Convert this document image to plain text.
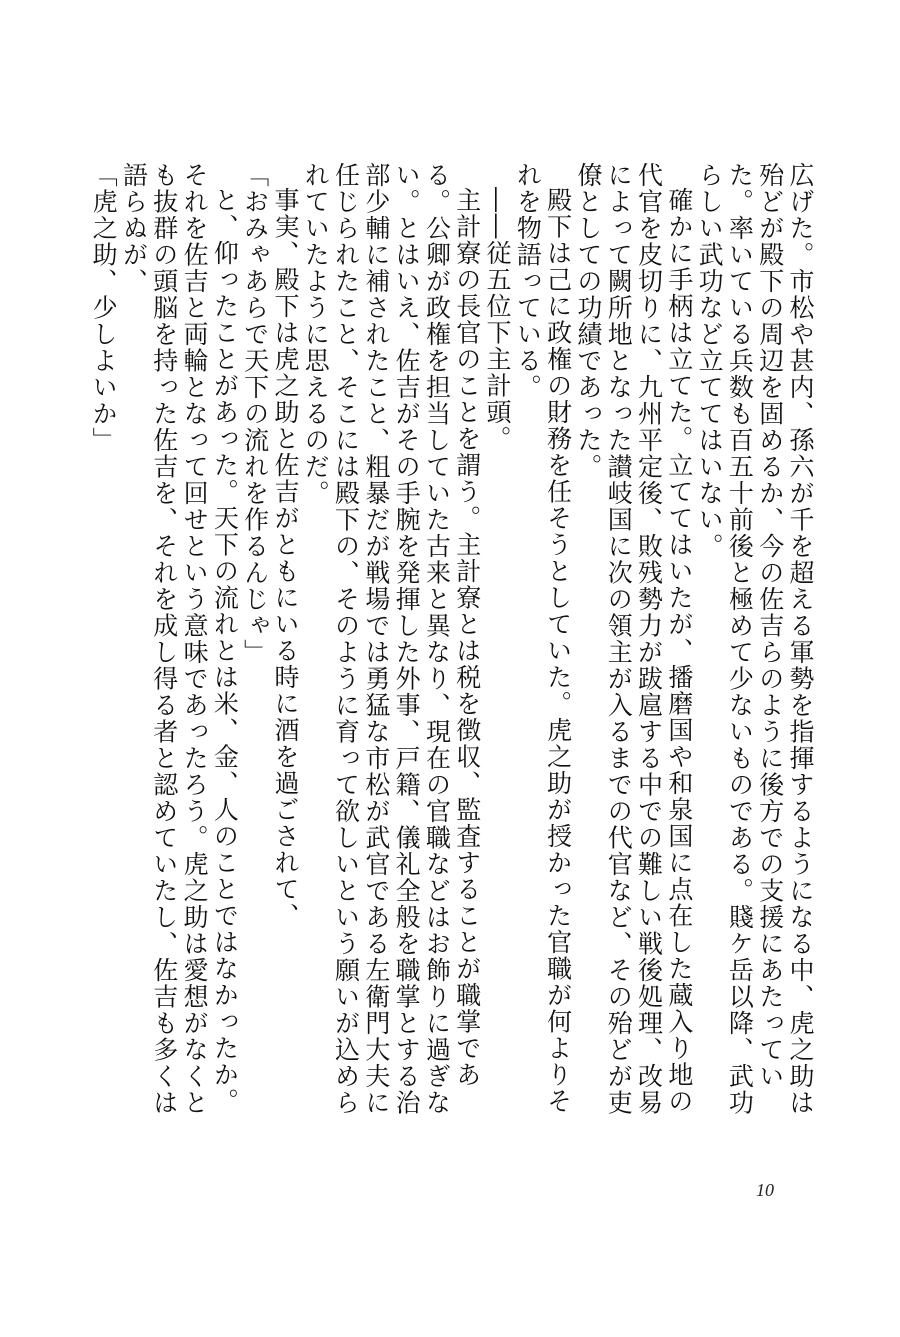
広げた。市松や甚内、孫六が千を超える軍勢を指揮するようになる中、虎之助は殆どが殿下の周辺を固めるか、今の佐吉らのように後方での支援にあたっていた。率いている兵数も百五十前後と極めて少ないものである。賤ケ岳以降、武功らしい武功など立ててはいない。

確かに手柄は立てた。立ててはいたが、播磨国や和泉国に点在した蔵入り地の代官を皮切りに、九州平定後、敗残勢力が跋扈する中での難しい戦後処理、改易によって闕所地となった讃岐国に次の領主が入るまでの代官など、その殆どが吏僚としての功績であった。

殿下は己に政権の財務を任そうとしていた。虎之助が授かった官職が何よりそれを物語っている。

――従五位下主計頭。

主計寮の長官のことを謂う。主計寮とは税を徴収、監査することが職掌である。公卿が政権を担当していた古来と異なり、現在の官職などはお飾りに過ぎない。とはいえ、佐吉がその手腕を発揮した外事、戸籍、儀礼全般を職掌とする治部少輔に補されたこと、粗暴だが戦場では勇猛な市松が武官である左衛門大夫に任じられたこと、そこには殿下の、そのように育って欲しいという願いが込められていたように思えるのだ。

事実、殿下は虎之助と佐吉がともにいる時に酒を過ごされて、

「おみゃあらで天下の流れを作るんじゃ」

と、仰ったことがあった。天下の流れとは米、金、人のことではなかったか。それを佐吉と両輪となって回せという意味であったろう。虎之助は愛想がなくとも抜群の頭脳を持った佐吉を、それを成し得る者と認めていたし、佐吉も多くは語らぬが、

「虎之助、少しよいか」

10
